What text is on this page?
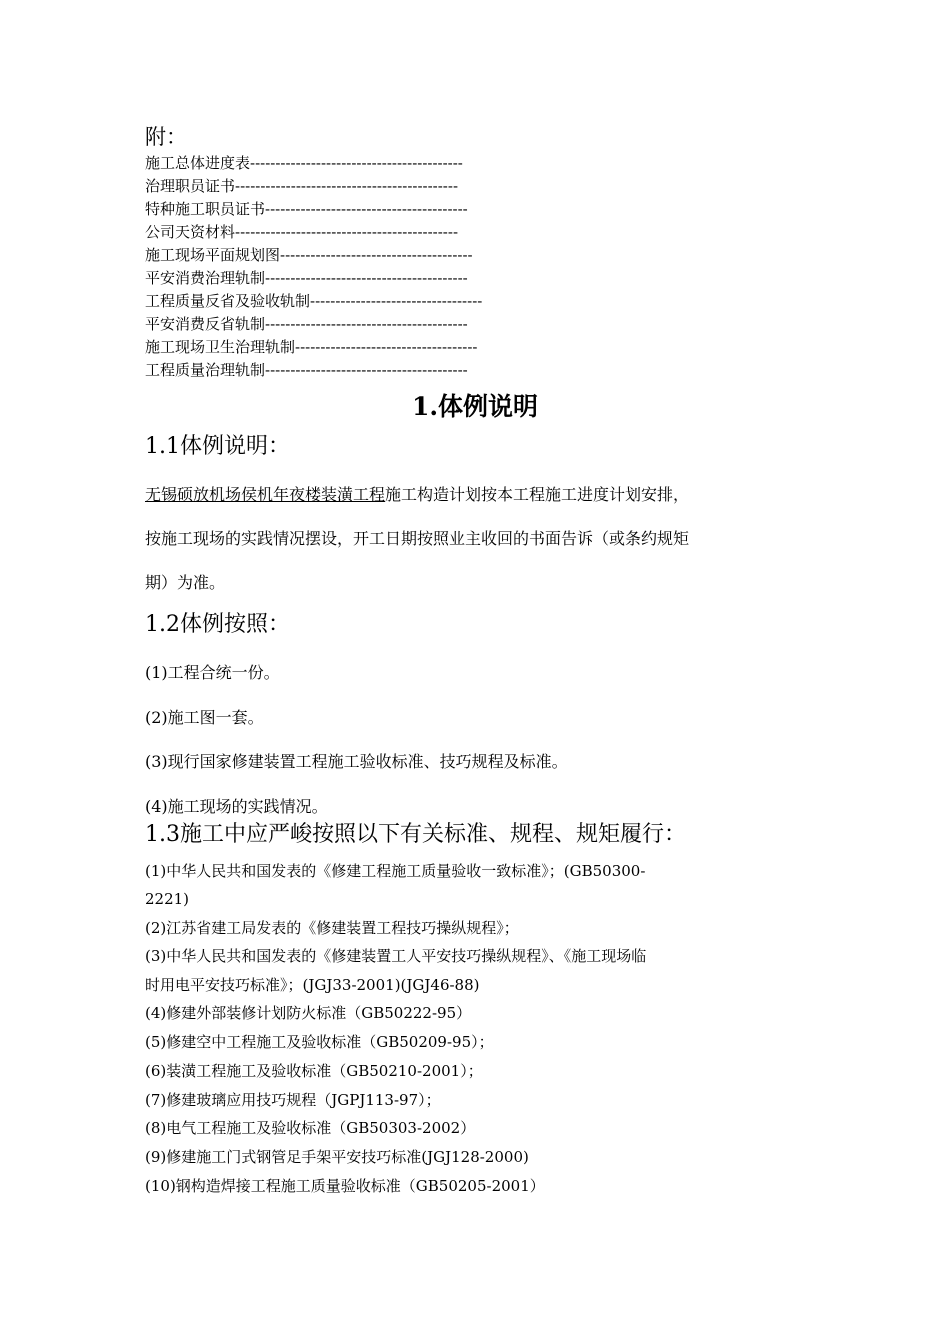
附：
施工总体进度表------------------------------------------
治理职员证书--------------------------------------------
特种施工职员证书----------------------------------------
公司天资材料--------------------------------------------
施工现场平面规划图--------------------------------------
平安消费治理轨制----------------------------------------
工程质量反省及验收轨制----------------------------------
平安消费反省轨制----------------------------------------
施工现场卫生治理轨制------------------------------------
工程质量治理轨制----------------------------------------
1.体例说明
1.1体例说明：
无锡硕放机场侯机年夜楼装潢工程施工构造计划按本工程施工进度计划安排，
按施工现场的实践情况摆设，开工日期按照业主收回的书面告诉（或条约规矩
期）为准。
1.2体例按照：
(1)工程合统一份。
(2)施工图一套。
(3)现行国家修建装置工程施工验收标准、技巧规程及标准。
(4)施工现场的实践情况。
1.3施工中应严峻按照以下有关标准、规程、规矩履行：
(1)中华人民共和国发表的《修建工程施工质量验收一致标准》；(GB50300-
2221)
(2)江苏省建工局发表的《修建装置工程技巧操纵规程》；
(3)中华人民共和国发表的《修建装置工人平安技巧操纵规程》、《施工现场临
时用电平安技巧标准》；(JGJ33-2001)(JGJ46-88)
(4)修建外部装修计划防火标准（GB50222-95）
(5)修建空中工程施工及验收标准（GB50209-95）；
(6)装潢工程施工及验收标准（GB50210-2001）；
(7)修建玻璃应用技巧规程（JGPJ113-97）；
(8)电气工程施工及验收标准（GB50303-2002）
(9)修建施工门式钢管足手架平安技巧标准(JGJ128-2000)
(10)钢构造焊接工程施工质量验收标准（GB50205-2001）
